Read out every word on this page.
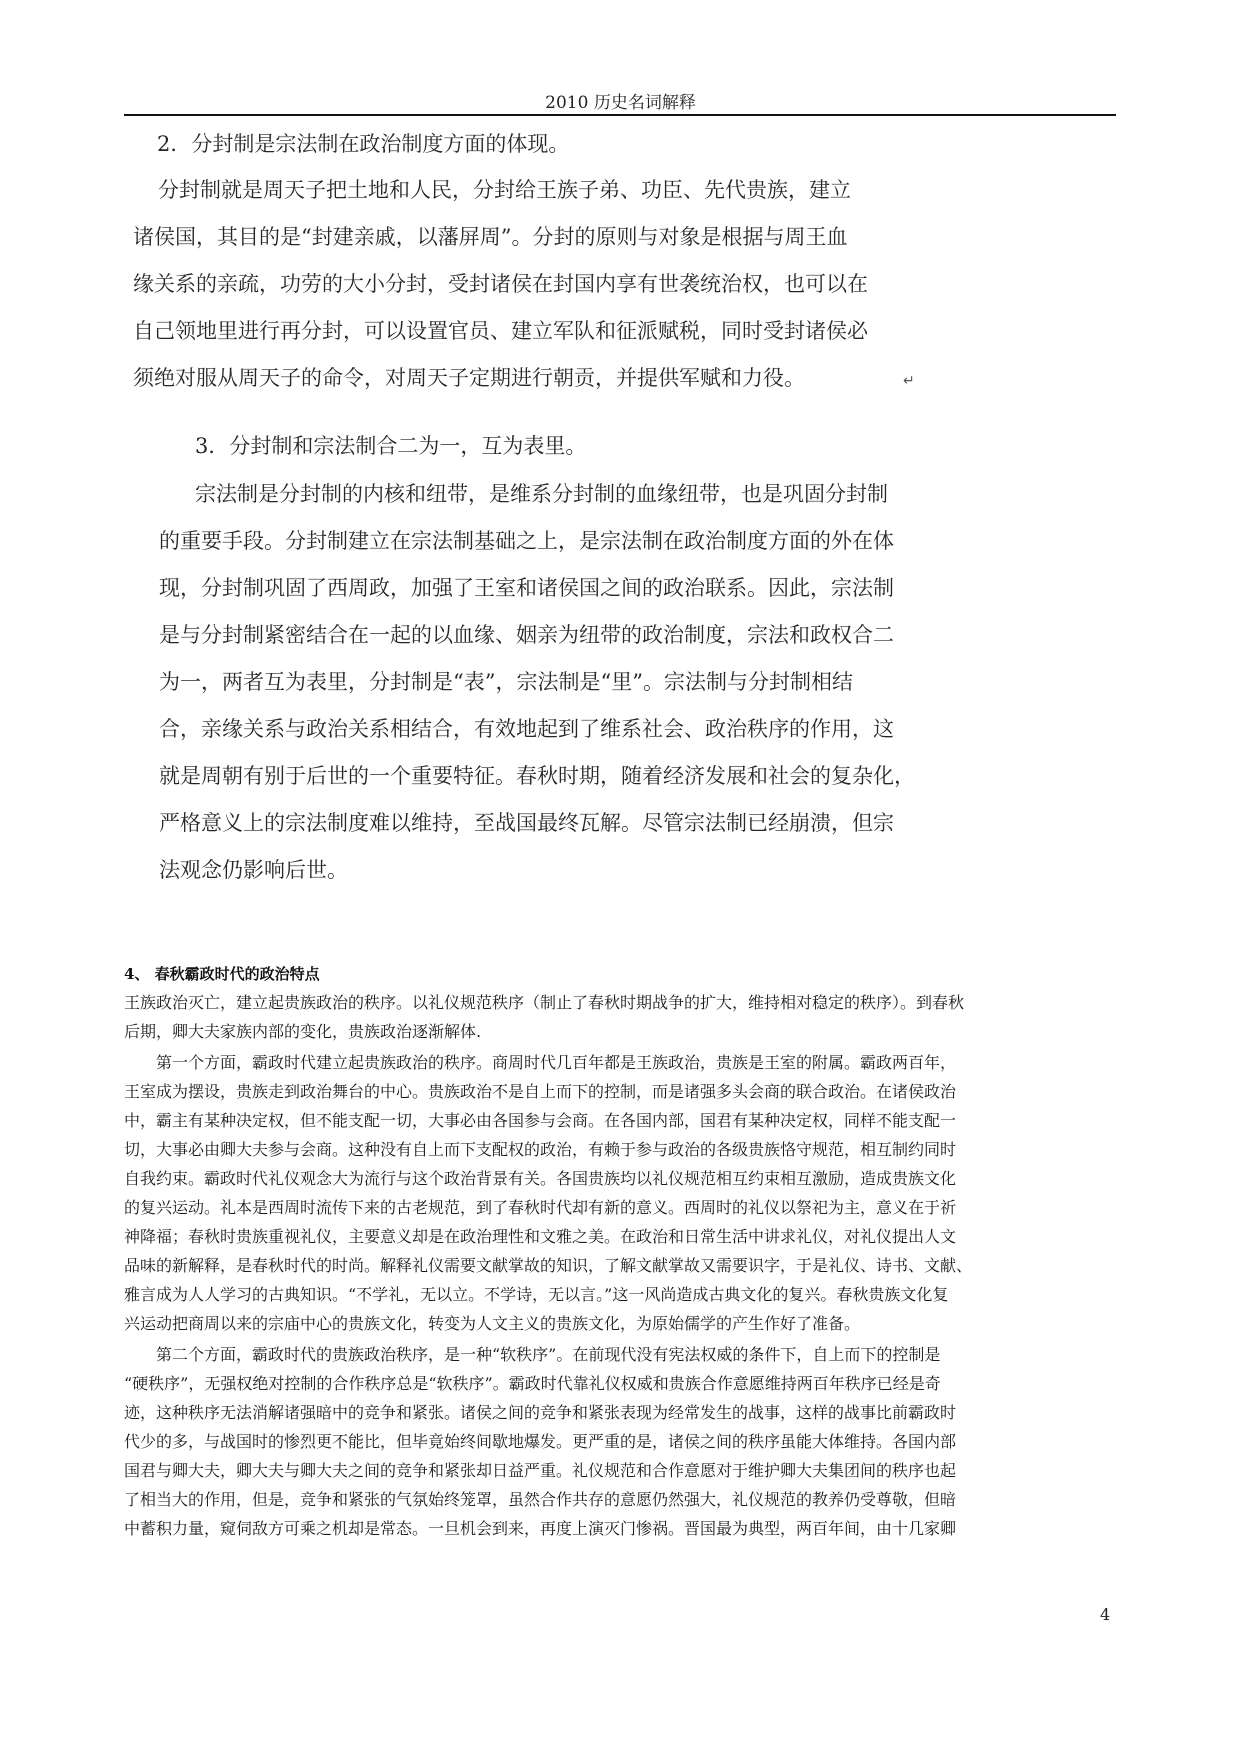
2010 历史名词解释
2．分封制是宗法制在政治制度方面的体现。
分封制就是周天子把土地和人民，分封给王族子弟、功臣、先代贵族，建立
诸侯国，其目的是“封建亲戚，以藩屏周”。分封的原则与对象是根据与周王血
缘关系的亲疏，功劳的大小分封，受封诸侯在封国内享有世袭统治权，也可以在
自己领地里进行再分封，可以设置官员、建立军队和征派赋税，同时受封诸侯必
须绝对服从周天子的命令，对周天子定期进行朝贡，并提供军赋和力役。	↵
3．分封制和宗法制合二为一，互为表里。
宗法制是分封制的内核和纽带，是维系分封制的血缘纽带，也是巩固分封制
的重要手段。分封制建立在宗法制基础之上，是宗法制在政治制度方面的外在体
现，分封制巩固了西周政，加强了王室和诸侯国之间的政治联系。因此，宗法制
是与分封制紧密结合在一起的以血缘、姻亲为纽带的政治制度，宗法和政权合二
为一，两者互为表里，分封制是“表”，宗法制是“里”。宗法制与分封制相结
合，亲缘关系与政治关系相结合，有效地起到了维系社会、政治秩序的作用，这
就是周朝有别于后世的一个重要特征。春秋时期，随着经济发展和社会的复杂化，
严格意义上的宗法制度难以维持，至战国最终瓦解。尽管宗法制已经崩溃，但宗
法观念仍影响后世。
4、 春秋霸政时代的政治特点
王族政治灭亡，建立起贵族政治的秩序。以礼仪规范秩序（制止了春秋时期战争的扩大，维持相对稳定的秩序）。到春秋
后期，卿大夫家族内部的变化，贵族政治逐渐解体.
　　第一个方面，霸政时代建立起贵族政治的秩序。商周时代几百年都是王族政治，贵族是王室的附属。霸政两百年，
王室成为摆设，贵族走到政治舞台的中心。贵族政治不是自上而下的控制，而是诸强多头会商的联合政治。在诸侯政治
中，霸主有某种决定权，但不能支配一切，大事必由各国参与会商。在各国内部，国君有某种决定权，同样不能支配一
切，大事必由卿大夫参与会商。这种没有自上而下支配权的政治，有赖于参与政治的各级贵族恪守规范，相互制约同时
自我约束。霸政时代礼仪观念大为流行与这个政治背景有关。各国贵族均以礼仪规范相互约束相互激励，造成贵族文化
的复兴运动。礼本是西周时流传下来的古老规范，到了春秋时代却有新的意义。西周时的礼仪以祭祀为主，意义在于祈
神降福；春秋时贵族重视礼仪，主要意义却是在政治理性和文雅之美。在政治和日常生活中讲求礼仪，对礼仪提出人文
品味的新解释，是春秋时代的时尚。解释礼仪需要文献掌故的知识，了解文献掌故又需要识字，于是礼仪、诗书、文献、
雅言成为人人学习的古典知识。“不学礼，无以立。不学诗，无以言。”这一风尚造成古典文化的复兴。春秋贵族文化复
兴运动把商周以来的宗庙中心的贵族文化，转变为人文主义的贵族文化，为原始儒学的产生作好了准备。
　　第二个方面，霸政时代的贵族政治秩序，是一种“软秩序”。在前现代没有宪法权威的条件下，自上而下的控制是
“硬秩序”，无强权绝对控制的合作秩序总是“软秩序”。霸政时代靠礼仪权威和贵族合作意愿维持两百年秩序已经是奇
迹，这种秩序无法消解诸强暗中的竞争和紧张。诸侯之间的竞争和紧张表现为经常发生的战事，这样的战事比前霸政时
代少的多，与战国时的惨烈更不能比，但毕竟始终间歇地爆发。更严重的是，诸侯之间的秩序虽能大体维持。各国内部
国君与卿大夫，卿大夫与卿大夫之间的竞争和紧张却日益严重。礼仪规范和合作意愿对于维护卿大夫集团间的秩序也起
了相当大的作用，但是，竞争和紧张的气氛始终笼罩，虽然合作共存的意愿仍然强大，礼仪规范的教养仍受尊敬，但暗
中蓄积力量，窥伺敌方可乘之机却是常态。一旦机会到来，再度上演灭门惨祸。晋国最为典型，两百年间，由十几家卿
4
